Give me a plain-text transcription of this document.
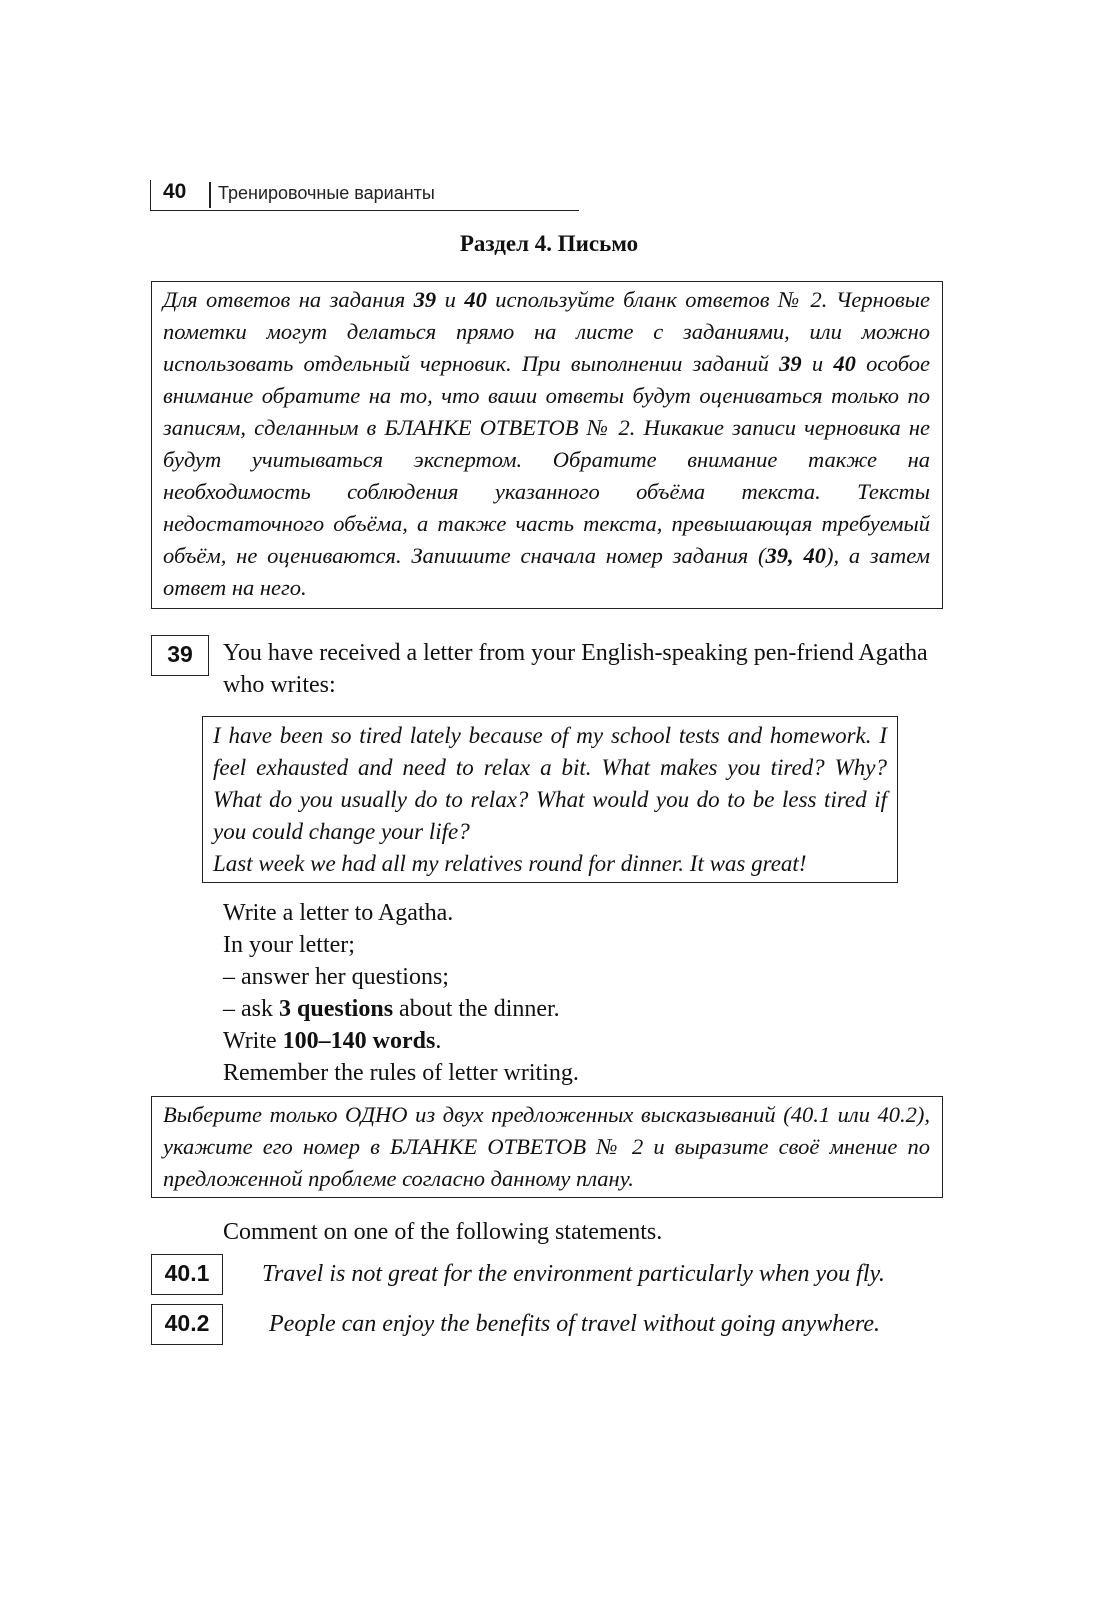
40 Тренировочные варианты
Раздел 4. Письмо
Для ответов на задания 39 и 40 используйте бланк ответов № 2. Черновые пометки могут делаться прямо на листе с заданиями, или можно использовать отдельный черновик. При выполнении заданий 39 и 40 особое внимание обратите на то, что ваши ответы будут оцениваться только по записям, сделанным в БЛАНКЕ ОТВЕТОВ № 2. Никакие записи черновика не будут учитываться экспертом. Обратите внимание также на необходимость соблюдения указанного объёма текста. Тексты недостаточного объёма, а также часть текста, превышающая требуемый объём, не оцениваются. Запишите сначала номер задания (39, 40), а затем ответ на него.
39	You have received a letter from your English-speaking pen-friend Agatha who writes:
I have been so tired lately because of my school tests and homework. I feel exhausted and need to relax a bit. What makes you tired? Why? What do you usually do to relax? What would you do to be less tired if you could change your life?
Last week we had all my relatives round for dinner. It was great!
Write a letter to Agatha.
In your letter;
– answer her questions;
– ask 3 questions about the dinner.
Write 100–140 words.
Remember the rules of letter writing.
Выберите только ОДНО из двух предложенных высказываний (40.1 или 40.2), укажите его номер в БЛАНКЕ ОТВЕТОВ № 2 и выразите своё мнение по предложенной проблеме согласно данному плану.
Comment on one of the following statements.
40.1	Travel is not great for the environment particularly when you fly.
40.2	People can enjoy the benefits of travel without going anywhere.
